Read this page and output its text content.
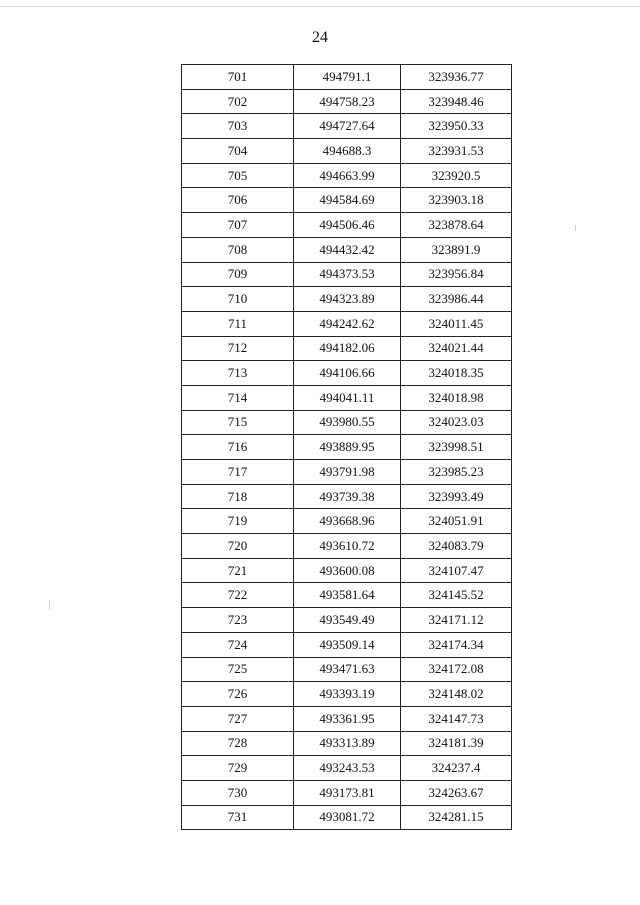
24
701	494791.1	323936.77
702	494758.23	323948.46
703	494727.64	323950.33
704	494688.3	323931.53
705	494663.99	323920.5
706	494584.69	323903.18
707	494506.46	323878.64
708	494432.42	323891.9
709	494373.53	323956.84
710	494323.89	323986.44
711	494242.62	324011.45
712	494182.06	324021.44
713	494106.66	324018.35
714	494041.11	324018.98
715	493980.55	324023.03
716	493889.95	323998.51
717	493791.98	323985.23
718	493739.38	323993.49
719	493668.96	324051.91
720	493610.72	324083.79
721	493600.08	324107.47
722	493581.64	324145.52
723	493549.49	324171.12
724	493509.14	324174.34
725	493471.63	324172.08
726	493393.19	324148.02
727	493361.95	324147.73
728	493313.89	324181.39
729	493243.53	324237.4
730	493173.81	324263.67
731	493081.72	324281.15
